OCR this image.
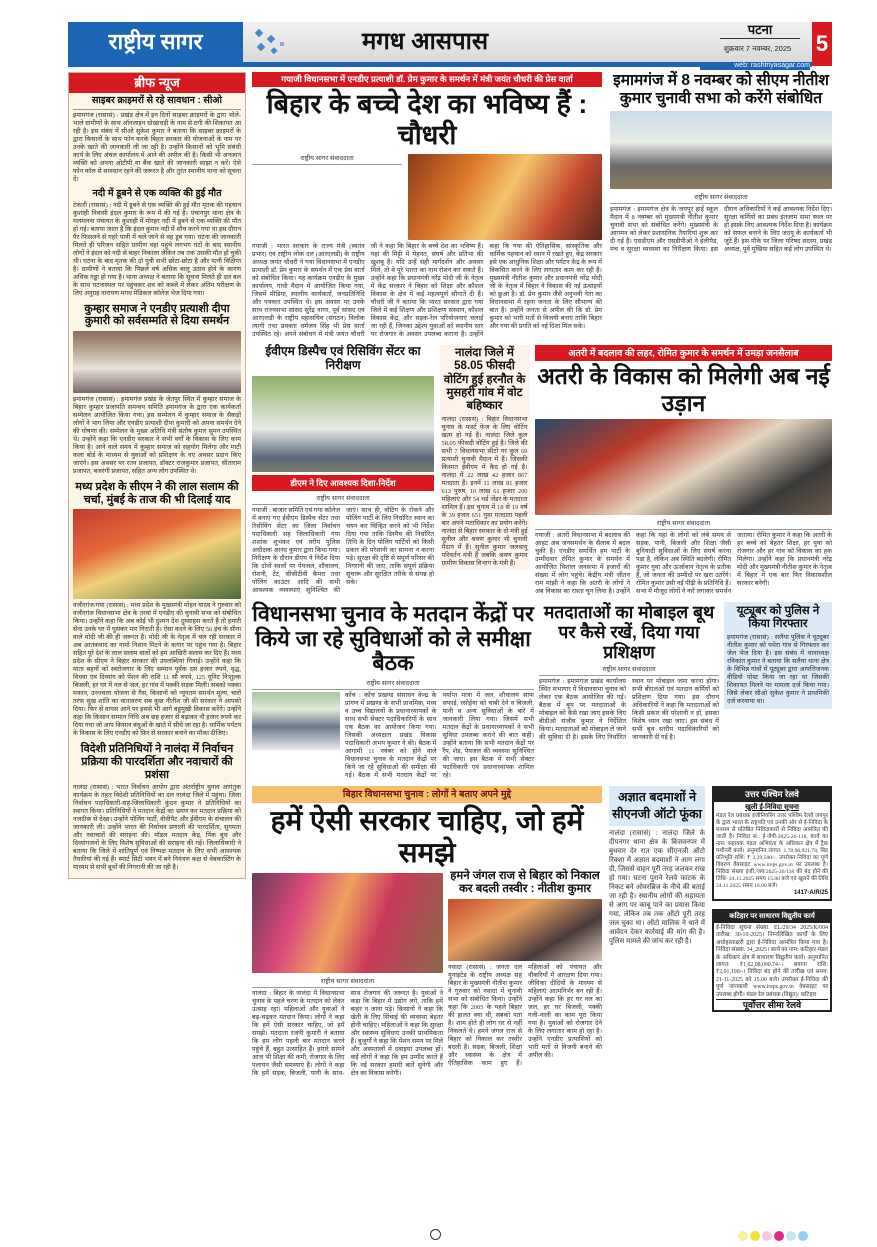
राष्ट्रीय सागर	मगध आसपास	पटना
शुक्रवार 7 नवम्बर, 2025	5
web: rashtriyasagar.com
ब्रीफ न्यूज
साइबर क्राइमरों से रहे सावधान : सीओ
इमामगंज (रासासं) : प्रखंड क्षेत्र में इन दिनों साइबर क्राइमरों के द्वारा भोले-भाले ग्रामीणों के साथ ऑनलाइन धोखाधड़ी के नाम से ठगी की शिकायत आ रही है। इस संबंध में सीओ सुकेश कुमार ने बताया कि साइबर क्राइमरों के द्वारा किसानों के साथ फोन करके बिहार सरकार की योजनाओं के नाम पर उनके खाते की जानकारी ली जा रही है। उन्होंने किसानों को भूमि संबंधी कार्य के लिए अंचल कार्यालय में आने की अपील की है। किसी भी अनजान व्यक्ति को अपना ओटीपी या बैंक खाते की जानकारी साझा न करें। ऐसे फोन कॉल से सावधान रहने की जरूरत है और तुरंत स्थानीय थाना को सूचना दें।
नदी में डूबने से एक व्यक्ति की हुई मौत
टेकारी (रासासं) : नदी में डूबने से एक व्यक्ति की हुई मौत मृतक की पहचान कुशाही निवासी इंदल कुमार के रूप में की गई है। पंचानपुर थाना क्षेत्र के मलमलना पंचायत के कुशाही में मोरहर नदी में डूबने से एक व्यक्ति की मौत हो गई। बताया जाता है कि इंदल कुमार नदी में शौच करने गया था इस दौरान पैर फिसलने से गहरे पानी में चले जाने से वह डूब गया। घटना की जानकारी मिलते ही परिजन सहित ग्रामीण वहां पहुंचे लगभग घंटों के बाद स्थानीय लोगों ने इंदल को नदी से बाहर निकाला लेकिन तब तक उसकी मौत हो चुकी थी। घटना के बाद मृतक की दो पुत्री सभी छोटा-छोटा है और पत्नी विक्षिप्त है। ग्रामीणों ने बताया कि पिछले वर्ष अधिक बालू उठाव होने के कारण अधिक गड्ढा हो गया है। थाना अध्यक्ष ने बताया कि सूचना मिलते ही दल बल के साथ घटनास्थल पर पहुंचकर शव को कब्जे में लेकर अंतिम परीक्षण के लिए अनुग्रह नारायण मगध मेडिकल कॉलेज भेज दिया गया।
कुम्हार समाज ने एनडीए प्रत्याशी दीपा कुमारी को सर्वसम्मति से दिया समर्थन
इमामगंज (रासासं) : इमामगंज प्रखंड के जेतपुर स्थित में कुम्हार समाज के बिहार कुम्हार प्रजापति समन्वय समिति इमामगंज के द्वारा एक कार्यकर्ता सम्मेलन आयोजित किया गया। इस सम्मेलन में कुम्हार समाज के सैकड़ों लोगों ने भाग लिया और एनडीए प्रत्याशी दीपा कुमारी को अपना समर्थन देने की घोषणा की। सम्मेलन के मुख्य अतिथि मंत्री संतोष कुमार सुमन उपस्थित थे। उन्होंने कहा कि एनडीए सरकार ने सभी वर्गों के विकास के लिए काम किया है। आने वाले समय में कुम्हार समाज को सहयोग मिलेगा और माटी कला बोर्ड के माध्यम से युवाओं को प्रशिक्षण के नए अवसर प्रदान किए जाएंगे। इस अवसर पर रतन प्रजापत, डॉक्टर राजकुमार प्रजापत, सीताराम प्रजापत, बजरंगी प्रजापत, सहित अन्य लोग उपस्थित थे।
मध्य प्रदेश के सीएम ने की लाल सलाम की चर्चा, मुंबई के ताज की भी दिलाई याद
वजीरगंज/गया (रासासं) : मध्य प्रदेश के मुख्यमंत्री मोहन यादव ने गुरुवार को वजीरगंज विधानसभा क्षेत्र के तरवां में एनडीए की चुनावी सभा को संबोधित किया। उन्होंने कहा कि अब कोई भी दुश्मन देश दुस्साहस करते हैं तो हमारी सेना उनके घर में घुसकर मार गिराती है। ऐसा करने के लिए 56 इंच के सीना वाले मोदी जी की ही जरूरत है। मोदी जी के नेतृत्व में चल रही सरकार में अब आतंकवाद का नामो निशान मिटने के कगार पर पहुंच गया है। बिहार सहित पूरे देश के लाल सलाम वालों को हम आखिरी सलाम कर दिए हैं। मध्य प्रदेश के सीएम ने बिहार सरकार की उपलब्धियां गिनाई। उन्होंने कहा कि माता बहनों को स्वरोजगार के लिए सम्मान पूर्वक दस हजार रुपये, वृद्ध, विधवा एवं दिव्यांग को पेंशन की राशि 11 सौ रुपये, 125 यूनिट निःशुल्क बिजली, हर घर में नल से जल, हर गांव में पक्की सड़क मिली। सबको पक्का मकान, उज्ज्वला योजना से गैस, किसानों को न्यूनतम समर्थन मूल्य, चारों तरफ सुख शांति का वातावरण सब कुछ नीतीश जी की सरकार ने आपको दिया। फिर से वापस आने पर इससे भी आगे बहुमुखी विकास करेंगे। उन्होंने कहा कि किसान सम्मान निधि अब छह हजार से बढ़ाकर नौ हजार रुपये कर दिया गया जो आप किसान बंधुओं के खाते में सीधे जा रहा है। धार्मिक पर्यटन के विकास के लिए एनडीए को फिर से सरकार बनाने का मौका दीजिए।
विदेशी प्रतिनिधियों ने नालंदा में निर्वाचन प्रक्रिया की पारदर्शिता और नवाचारों की प्रशंसा
नालंदा (रासासं) : भारत निर्वाचन आयोग द्वारा अंतर्राष्ट्रीय चुनाव आगंतुक कार्यक्रम के तहत विदेशी प्रतिनिधियों का दल नालंदा जिले में पहुंचा। जिला निर्वाचन पदाधिकारी-सह-जिलाधिकारी कुंदन कुमार ने प्रतिनिधियों का स्वागत किया। प्रतिनिधियों ने मतदान केंद्रों का भ्रमण कर मतदान प्रक्रिया को नजदीक से देखा। उन्होंने पोलिंग पार्टी, वीवीपैट और ईवीएम के संचालन की जानकारी ली। उन्होंने भारत की निर्वाचन प्रणाली की पारदर्शिता, सुगमता और नवाचारों की सराहना की। मॉडल मतदान केंद्र, पिंक बूथ और दिव्यांगजनों के लिए विशेष सुविधाओं की सराहना की गई। जिलाधिकारी ने बताया कि जिले में शांतिपूर्ण एवं निष्पक्ष मतदान के लिए सभी आवश्यक तैयारियां की गई हैं। स्मार्ट सिटी भवन में बने नियंत्रण कक्ष से वेबकास्टिंग के माध्यम से सभी बूथों की निगरानी की जा रही है।
गयाजी विधानसभा में एनडीए प्रत्याशी डॉ. प्रेम कुमार के समर्थन में मंत्री जयंत चौधरी की प्रेस वार्ता
बिहार के बच्चे देश का भविष्य हैं : चौधरी
राष्ट्रीय सागर संवाददाता
गयाजी : भारत सरकार के राज्य मंत्री (स्वतंत्र प्रभार) एवं राष्ट्रीय लोक दल (आरएलडी) के राष्ट्रीय अध्यक्ष जयंत चौधरी ने गया विधानसभा में एनडीए प्रत्याशी डॉ. प्रेम कुमार के समर्थन में एक प्रेस वार्ता को संबोधित किया। यह कार्यक्रम एनडीए के मुख्य कार्यालय, गांधी मैदान में आयोजित किया गया, जिसमें मीडिया, स्थानीय कार्यकर्ता, जनप्रतिनिधि और पत्रकार उपस्थित थे। इस अवसर पर उनके साथ राज्यसभा सांसद सुरेंद्र नागर, पूर्व सांसद एवं आरएलडी के राष्ट्रीय महासचिव (संगठन) त्रिलोक त्यागी तथा प्रवक्ता धर्मजय सिंह भी प्रेस वार्ता उपस्थित रहे। अपने संबोधन में मंत्री जयंत चौधरी जी ने कहा कि बिहार के बच्चे देश का भविष्य हैं। यहां की मिट्टी में मेहनत, संघर्ष और प्रतिभा की खुशबू है। यदि उन्हें सही मार्गदर्शन और अवसर मिले, तो वे पूरे भारत का नाम रोशन कर सकते हैं। उन्होंने कहा कि प्रधानमंत्री नरेंद्र मोदी जी के नेतृत्व में केंद्र सरकार ने बिहार को शिक्षा और कौशल विकास के क्षेत्र में कई महत्वपूर्ण सौगातें दी हैं। चौधरी जी ने बताया कि भारत सरकार द्वारा गया जिले में कई शिक्षण और प्रशिक्षण संस्थान, कौशल विकास केंद्र, और सड़क-रेल परियोजनाएं चलाई जा रही हैं, जिनका उद्देश्य युवाओं को स्थानीय स्तर पर रोजगार के अवसर उपलब्ध कराना है। उन्होंने कहा कि गया की ऐतिहासिक, सांस्कृतिक और धार्मिक पहचान को ध्यान में रखते हुए, केंद्र सरकार इसे एक आधुनिक शिक्षा और पर्यटन केंद्र के रूप में विकसित करने के लिए लगातार काम कर रही है। मुख्यमंत्री नीतीश कुमार और प्रधानमंत्री नरेंद्र मोदी जी के नेतृत्व में बिहार ने विकास की नई ऊंचाइयों को छुआ है। डॉ. प्रेम कुमार जैसे अनुभवी नेता का विधानसभा में रहना जनता के लिए सौभाग्य की बात है। उन्होंने जनता से अपील की कि डॉ. प्रेम कुमार को भारी मतों से विजयी बनाएं ताकि बिहार और गया की प्रगति को नई दिशा मिल सके।
इमामगंज में 8 नवम्बर को सीएम नीतीश कुमार चुनावी सभा को करेंगे संबोधित
राष्ट्रीय सागर संवाददाता
इमामगंज : इमामगंज क्षेत्र के जयपुर हाई स्कूल मैदान में 8 नवम्बर को मुख्यमंत्री नीतीश कुमार चुनावी सभा को संबोधित करेंगे। मुख्यमंत्री के आगमन को लेकर प्रशासनिक तैयारियां शुरू कर दी गई हैं। एसडीएम और एसडीपीओ ने हेलीपैड, मंच व सुरक्षा व्यवस्था का निरीक्षण किया। इस दौरान अधिकारियों ने कई आवश्यक निर्देश दिए। सुरक्षा कर्मियों का प्रबंध इंतजाम सभा स्थल पर हो इसके लिए आवश्यक निर्देश दिया है। कार्यक्रम को सफल बनाने के लिए जदयू के कार्यकर्ता भी जुटे हैं। इस मौके पर जिला परिषद सदस्य, प्रखंड अध्यक्ष, पूर्व मुखिया सहित कई लोग उपस्थित थे।
ईवीएम डिस्पैच एवं रिसिविंग सेंटर का निरीक्षण
डीएम ने दिए आवश्यक दिशा-निर्देश
राष्ट्रीय सागर संवाददाता
गयाजी : बाजार समिति एवं गया कॉलेज में बनाए गए ईवीएम डिस्पैच सेंटर तथा रिसीविंग सेंटर का जिला निर्वाचन पदाधिकारी सह जिलाधिकारी गया शशांक शुभंकर एवं वरीय पुलिस अधीक्षक आनंद कुमार द्वारा किया गया। निरीक्षण के दौरान डीएम ने निर्देश दिया कि दोनों स्थलों पर पेयजल, शौचालय, रोशनी, टेंट, सीसीटीवी कैमरा तथा पोलिंग काउंटर आदि की सभी आवश्यक व्यवस्थाएं सुनिश्चित की जाएं। साथ ही, वोटिंग के रोकने और पोलिंग पार्टी के लिए निर्धारित स्थान का चयन कर चिन्हित करने को भी निर्देश दिया गया ताकि डिस्पैच की निर्धारित तिथि के दिन पोलिंग पार्टियों को किसी प्रकार की परेशानी का सामना न करना पड़े। सुरक्षा की दृष्टि से संपूर्ण परिसर की निगरानी की जाए, ताकि संपूर्ण प्रक्रिया सुचारू और सुरक्षित तरीके से संपन्न हो सके।
नालंदा जिले में 58.05 फीसदी वोटिंग हुई हरनौत के मुसहरी गांव में वोट बहिष्कार
नालंदा (रासासं) : बिहार विधानसभा चुनाव के फर्स्ट फेज के लिए वोटिंग खत्म हो गई है। नालंदा जिले कुल 58.05 फीसदी वोटिंग हुई है। जिले की सभी 7 विधानसभा सीटों पर कुल 69 प्रत्याशी चुनावी मैदान में हैं। जिसकी किस्मत ईवीएम में कैद हो गई है। नालंदा में 22 लाख 42 हजार 867 मतदाता हैं। इनमें 11 लाख 81 हजार 613 पुरुष, 10 लाख 61 हजार 200 महिलाएं और 54 थर्ड जेंडर के मतदाता शामिल हैं। इस चुनाव में 18 से 19 वर्ष के 39 हजार 651 युवा मतदाता पहली बार अपने मताधिकार का प्रयोग करेंगे। नालंदा से बिहार सरकार के दो मंत्री हुई सुनील और श्रवण कुमार भी चुनावी मैदान में हैं। सुनील कुमार जलवायु परिवर्तन मंत्री हैं जबकि श्रवण कुमार ग्रामीण विकास विभाग के मंत्री हैं।
अतरी में बदलाव की लहर, रोमित कुमार के समर्थन में उमड़ा जनसैलाब
अतरी के विकास को मिलेगी अब नई उड़ान
राष्ट्रीय सागर संवाददाता
गयाजी : अतरी विधानसभा में बदलाव की आहट अब जनसमर्थन के सैलाब में बदल चुकी है। एनडीए समर्थित हम पार्टी के उम्मीदवार रोमित कुमार के समर्थन में आयोजित विशाल जनसभा में हजारों की संख्या में लोग पहुंचे। केंद्रीय मंत्री जीतन राम मांझी ने कहा कि अतरी के लोगों ने अब विकास का रास्ता चुन लिया है। उन्होंने कहा कि यहां के लोगों को लंबे समय से सड़क, पानी, बिजली और शिक्षा जैसी बुनियादी सुविधाओं के लिए संघर्ष करना पड़ा है, लेकिन अब स्थिति बदलेगी। रोमित कुमार युवा और ऊर्जावान नेतृत्व के प्रतीक हैं, जो जनता की उम्मीदों पर खरा उतरेंगे। रोमित कुमार उसी नई पीढ़ी के प्रतिनिधि हैं। सभा में मौजूद लोगों ने नारे लगाकर समर्थन जताया। रोमित कुमार ने कहा कि अतरी के हर बच्चे को बेहतर शिक्षा, हर युवा को रोजगार और हर गांव को विकास का हक मिलेगा। उन्होंने कहा कि प्रधानमंत्री नरेंद्र मोदी और मुख्यमंत्री नीतीश कुमार के नेतृत्व में बिहार में एक बार फिर विकासशील सरकार बनेगी।
विधानसभा चुनाव के मतदान केंद्रों पर किये जा रहे सुविधाओं को ले समीक्षा बैठक
राष्ट्रीय सागर संवाददाता
कोंच : कोंच प्रखण्ड संसाधन केन्द्र के प्रांगण में प्रखण्ड के सभी प्राथमिक, मध्य व उच्च विद्यालयों के प्रधानाध्यापकों के साथ सभी सेक्टर पदाधिकारियों के साथ एक बैठक का आयोजन किया गया। जिसकी अध्यक्षता प्रखंड विकास पदाधिकारी अभय कुमार ने की। बैठक में आगामी 11 नवंबर को होने वाले विधानसभा चुनाव के मतदान केंद्रों पर किये जा रहे सुविधाओं की समीक्षा की गई। बैठक में सभी मतदान केंद्रों पर पर्याप्त मात्रा में जल, शौचालय साफ सफाई, रसोईया को चाबी देने व बिजली, पानी व अन्य सुविधाओं के बारे में जानकारी लिया गया। जिसमें सभी मतदान केंद्रों के प्रधानाध्यापकों ने सभी सुविधा उपलब्ध कराने की बात कही। उन्होंने बताया कि सभी मतदान केंद्रों पर रैंप, शेड, पेयजल की व्यवस्था सुनिश्चित की जाए। इस बैठक में सभी सेक्टर पदाधिकारी एवं प्रधानाध्यापक शामिल रहे।
मतदाताओं का मोबाइल बूथ पर कैसे रखें, दिया गया प्रशिक्षण
राष्ट्रीय सागर संवाददाता
इमामगंज : इमामगंज प्रखंड कार्यालय स्थित सभागार में विधानसभा चुनाव को लेकर एक बैठक आयोजित की गई। बैठक में बूथ पर मतदाताओं के मोबाइल को कैसे रखा जाए इसके लिए बीडीओ संजीव कुमार ने निर्देशित किया। मतदाताओं को मोबाइल ले जाने की सुविधा दी है। इसके लिए निर्धारित स्थान पर मोबाइल जमा करना होगा। सभी बीएलओ एवं मतदान कर्मियों को प्रशिक्षण दिया गया। इस दौरान अधिकारियों ने कहा कि मतदाताओं को किसी प्रकार की परेशानी न हो, इसका विशेष ध्यान रखा जाए। इस संबंध में सभी बूथ स्तरीय पदाधिकारियों को जानकारी दी गई है।
यूट्यूबर को पुलिस ने किया गिरफ्तार
इमामगंज (रासासं) : सलैया पुलिस ने यूट्यूबर नीतीश कुमार को पथेरा गांव से गिरफ्तार कर जेल भेज दिया है। इस संबंध में थानाध्यक्ष रविकांत कुमार ने बताया कि सलैया थाना क्षेत्र के विभिन्न गांवों में यूट्यूबर द्वारा आपत्तिजनक वीडियो पोस्ट किया जा रहा था जिसकी शिकायत मिलने पर मामला दर्ज किया गया। जिसे लेकर सीओ सुकेश कुमार ने प्राथमिकी दर्ज करवाया था।
बिहार विधानसभा चुनाव : लोगों ने बताए अपने मुद्दे
हमें ऐसी सरकार चाहिए, जो हमें समझे
राष्ट्रीय सागर संवाददाता
नालंदा : बिहार के नालंदा में विधानसभा चुनाव के पहले चरण के मतदान को लेकर उत्साह रहा। महिलाओं और युवाओं ने बढ़-चढ़कर मतदान किया। लोगों ने कहा कि हमें ऐसी सरकार चाहिए, जो हमें समझे। मतदाता रजनी कुमारी ने बताया कि हम लोग पहली बार मतदान करने पहुंचे हैं, बहुत उत्साहित हैं। हमारे सामने आज भी शिक्षा की कमी, रोजगार के लिए पलायन जैसी समस्याएं हैं। लोगों ने कहा कि हमें सड़क, बिजली, पानी के साथ-साथ रोजगार की जरूरत है। युवाओं ने कहा कि बिहार में उद्योग लगे, ताकि हमें बाहर न जाना पड़े। किसानों ने कहा कि खेती के लिए सिंचाई की व्यवस्था बेहतर होनी चाहिए। महिलाओं ने कहा कि सुरक्षा और स्वास्थ्य सुविधाएं उनकी प्राथमिकता हैं। बुजुर्गों ने कहा कि पेंशन समय पर मिले और अस्पतालों में दवाइयां उपलब्ध हों। कई लोगों ने कहा कि हम उम्मीद करते हैं कि नई सरकार हमारी बातें सुनेगी और क्षेत्र का विकास करेगी।
हमने जंगल राज से बिहार को निकाल कर बदली तस्वीर : नीतीश कुमार
नवादा (रासासं) : जनता दल यूनाइटेड के राष्ट्रीय अध्यक्ष सह बिहार के मुख्यमंत्री नीतीश कुमार ने गुरुवार को नवादा में चुनावी सभा को संबोधित किया। उन्होंने कहा कि 2005 के पहले बिहार की हालत क्या थी, सबको पता है। शाम होते ही लोग घर से नहीं निकलते थे। हमने जंगल राज से बिहार को निकाल कर तस्वीर बदली है। सड़क, बिजली, शिक्षा और स्वास्थ्य के क्षेत्र में ऐतिहासिक काम हुए हैं। महिलाओं को पंचायत और नौकरियों में आरक्षण दिया गया। जीविका दीदियों के माध्यम से महिलाएं आत्मनिर्भर बन रही हैं। उन्होंने कहा कि हर घर नल का जल, हर घर बिजली, पक्की गली-नाली का काम पूरा किया गया है। युवाओं को रोजगार देने के लिए लगातार काम हो रहा है। उन्होंने एनडीए प्रत्याशियों को भारी मतों से विजयी बनाने की अपील की।
अज्ञात बदमाशों ने सीएनजी ऑटो फूंका
नालंदा (रासासं) : नालंदा जिले के दीपनगर थाना क्षेत्र के बिजवनपर में बुधवार देर रात एक सीएनजी ऑटो रिक्शा में अज्ञात बदमाशों ने आग लगा दी, जिससे वाहन पूरी तरह जलकर राख हो गया। घटना पुराने रेलवे फाटक के निकट बने ओवरब्रिज के नीचे की बताई जा रही है। स्थानीय लोगों की सहायता से आग पर काबू पाने का प्रयास किया गया, लेकिन तब तक ऑटो पूरी तरह जल चुका था। ऑटो मालिक ने थाने में आवेदन देकर कार्रवाई की मांग की है। पुलिस मामले की जांच कर रही है।
उत्तर पश्चिम रेलवे
खुली ई-निविदा सूचना
मंडल रेल प्रबंधक इंजीनियरिंग उत्तर पश्चिम रेलवे जयपुर के द्वारा भारत के राष्ट्रपति एवं उनकी ओर से ई-निविदा के माध्यम से प्रतिष्ठित निविदाकारों से निविदा आमंत्रित की जाती है। निविदा सं.: ई-जेपी-2025-26-118, कार्य का नाम: सहायक मंडल अभियंता के अधिकार क्षेत्र में ट्रैक मशीनरी कार्य। अनुमानित लागत: 1,78,96,921.78, बिड प्रतिभूति राशि: ₹ 2,39,500/-. उपरोक्त निविदा का पूर्ण विवरण वेबसाइट www.ireps.gov.in पर उपलब्ध है। निविदा संख्या इंजी./जय/2025-26/118 की बंद होने की तिथि- 24.11.2025 समय 15.00 बजे एवं खुलने की तिथि 24.11.2025 समय 16.00 बजे।
1417-A/R/25
कटिहार पर साधारण विद्युतीय कार्य
ई-निविदा सूचना संख्या. EL/29/34 2025/K/004 तारीख: 30-10-2025। निम्नलिखित कार्यों के लिए अधोहस्ताक्षरी द्वारा ई-निविदा आमंत्रित किया गया है। निविदा संख्या. 34_2025। कार्य का नाम: कटिहार मंडल के अधिकार क्षेत्र में साधारण विद्युतीय कार्य। अनुमानित लागत: ₹1,02,08,090.74/-। बयाना राशि: ₹2,01,100/-। निविदा बंद होने की तारीख एवं समय: 21-11-2025 को 15.00 बजे। उपरोक्त ई-निविदा की पूर्ण जानकारी www.ireps.gov.in वेबसाइट पर उपलब्ध होगी। मंडल रेल प्रबंधक (विद्युत)/ कटिहार
पूर्वोत्तर सीमा रेलवे
